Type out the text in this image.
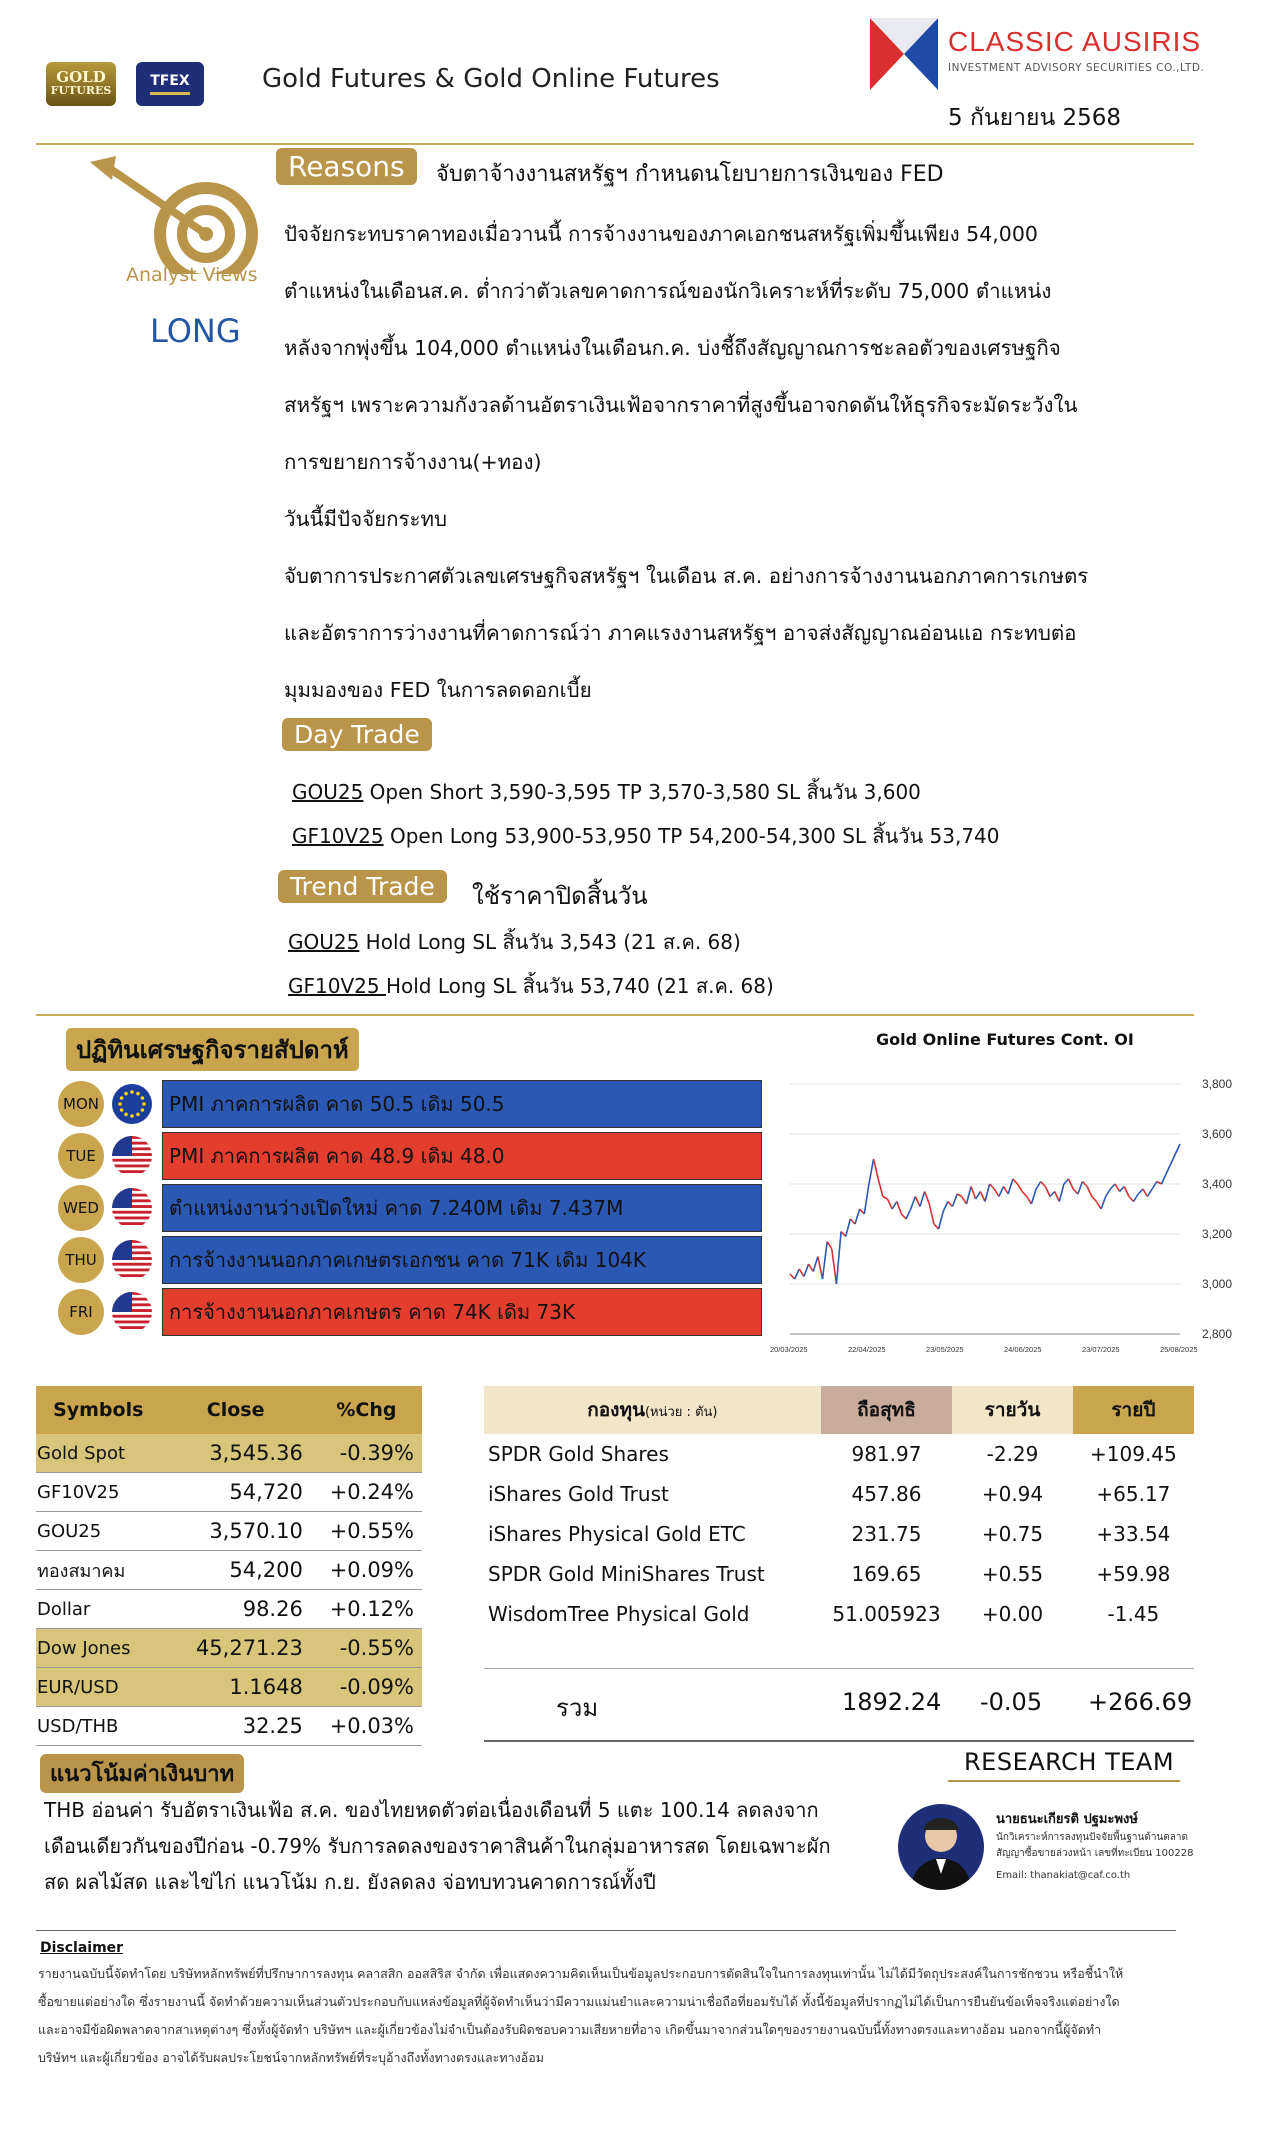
GOLD
FUTURES
TFEX	Gold Futures & Gold Online Futures
CLASSIC AUSIRIS
INVESTMENT ADVISORY SECURITIES CO.,LTD.
5 กันยายน 2568
Analyst Views
LONG
Reasons	จับตาจ้างงานสหรัฐฯ กำหนดนโยบายการเงินของ FED
ปัจจัยกระทบราคาทองเมื่อวานนี้ การจ้างงานของภาคเอกชนสหรัฐเพิ่มขึ้นเพียง 54,000
ตำแหน่งในเดือนส.ค. ต่ำกว่าตัวเลขคาดการณ์ของนักวิเคราะห์ที่ระดับ 75,000 ตำแหน่ง
หลังจากพุ่งขึ้น 104,000 ตำแหน่งในเดือนก.ค. บ่งชี้ถึงสัญญาณการชะลอตัวของเศรษฐกิจ
สหรัฐฯ เพราะความกังวลด้านอัตราเงินเฟ้อจากราคาที่สูงขึ้นอาจกดดันให้ธุรกิจระมัดระวังใน
การขยายการจ้างงาน(+ทอง)
วันนี้มีปัจจัยกระทบ
จับตาการประกาศตัวเลขเศรษฐกิจสหรัฐฯ ในเดือน ส.ค. อย่างการจ้างงานนอกภาคการเกษตร
และอัตราการว่างงานที่คาดการณ์ว่า ภาคแรงงานสหรัฐฯ อาจส่งสัญญาณอ่อนแอ กระทบต่อ
มุมมองของ FED ในการลดดอกเบี้ย
Day Trade
GOU25 Open Short 3,590-3,595 TP 3,570-3,580 SL สิ้นวัน 3,600
GF10V25 Open Long 53,900-53,950 TP 54,200-54,300 SL สิ้นวัน 53,740
Trend Trade	ใช้ราคาปิดสิ้นวัน
GOU25 Hold Long SL สิ้นวัน 3,543 (21 ส.ค. 68)
GF10V25 Hold Long SL สิ้นวัน 53,740 (21 ส.ค. 68)
ปฏิทินเศรษฐกิจรายสัปดาห์
MON	PMI ภาคการผลิต คาด 50.5 เดิม 50.5
TUE	PMI ภาคการผลิต คาด 48.9 เดิม 48.0
WED	ตำแหน่งงานว่างเปิดใหม่ คาด 7.240M เดิม 7.437M
THU	การจ้างงานนอกภาคเกษตรเอกชน คาด 71K เดิม 104K
FRI	การจ้างงานนอกภาคเกษตร คาด 74K เดิม 73K
Gold Online Futures Cont. OI
2,800
3,000
3,200
3,400
3,600
3,800
20/03/2025	22/04/2025	23/05/2025	24/06/2025	23/07/2025	25/08/2025
Symbols	Close	%Chg
Gold Spot	3,545.36	-0.39%
GF10V25	54,720	+0.24%
GOU25	3,570.10	+0.55%
ทองสมาคม	54,200	+0.09%
Dollar	98.26	+0.12%
Dow Jones	45,271.23	-0.55%
EUR/USD	1.1648	-0.09%
USD/THB	32.25	+0.03%
กองทุน(หน่วย : ตัน)	ถือสุทธิ	รายวัน	รายปี
SPDR Gold Shares	981.97	-2.29	+109.45
iShares Gold Trust	457.86	+0.94	+65.17
iShares Physical Gold ETC	231.75	+0.75	+33.54
SPDR Gold MiniShares Trust	169.65	+0.55	+59.98
WisdomTree Physical Gold	51.005923	+0.00	-1.45
รวม	1892.24 -0.05 +266.69
แนวโน้มค่าเงินบาท
THB อ่อนค่า รับอัตราเงินเฟ้อ ส.ค. ของไทยหดตัวต่อเนื่องเดือนที่ 5 แตะ 100.14 ลดลงจาก
เดือนเดียวกันของปีก่อน -0.79% รับการลดลงของราคาสินค้าในกลุ่มอาหารสด โดยเฉพาะผัก
สด ผลไม้สด และไข่ไก่ แนวโน้ม ก.ย. ยังลดลง จ่อทบทวนคาดการณ์ทั้งปี
RESEARCH TEAM
นายธนะเกียรติ ปฐมะพงษ์
นักวิเคราะห์การลงทุนปัจจัยพื้นฐานด้านตลาดสัญญาซื้อขายล่วงหน้า เลขที่ทะเบียน 100228
Email: thanakiat@caf.co.th
Disclaimer
รายงานฉบับนี้จัดทำโดย บริษัทหลักทรัพย์ที่ปรึกษาการลงทุน คลาสสิก ออสสิริส จำกัด เพื่อแสดงความคิดเห็นเป็นข้อมูลประกอบการตัดสินใจในการลงทุนเท่านั้น ไม่ได้มีวัตถุประสงค์ในการชักชวน หรือชี้นำให้
ซื้อขายแต่อย่างใด ซึ่งรายงานนี้ จัดทำด้วยความเห็นส่วนตัวประกอบกับแหล่งข้อมูลที่ผู้จัดทำเห็นว่ามีความแม่นยำและความน่าเชื่อถือที่ยอมรับได้ ทั้งนี้ข้อมูลที่ปรากฏไม่ได้เป็นการยืนยันข้อเท็จจริงแต่อย่างใด
และอาจมีข้อผิดพลาดจากสาเหตุต่างๆ ซึ่งทั้งผู้จัดทำ บริษัทฯ และผู้เกี่ยวข้องไม่จำเป็นต้องรับผิดชอบความเสียหายที่อาจ เกิดขึ้นมาจากส่วนใดๆของรายงานฉบับนี้ทั้งทางตรงและทางอ้อม นอกจากนี้ผู้จัดทำ
บริษัทฯ และผู้เกี่ยวข้อง อาจได้รับผลประโยชน์จากหลักทรัพย์ที่ระบุอ้างถึงทั้งทางตรงและทางอ้อม
